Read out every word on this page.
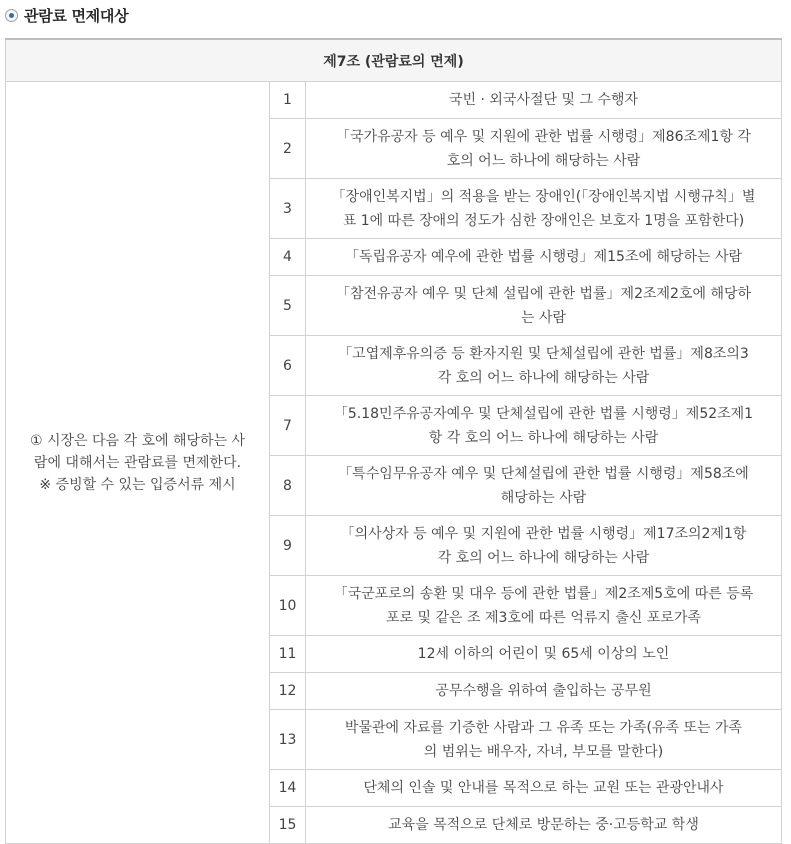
관람료 면제대상
제7조 (관람료의 면제)		

① 시장은 다음 각 호에 해당하는 사
람에 대해서는 관람료를 면제한다.
※ 증빙할 수 있는 입증서류 제시	1	국빈 · 외국사절단 및 그 수행자

	2	「국가유공자 등 예우 및 지원에 관한 법률 시행령」제86조제1항 각
호의 어느 하나에 해당하는 사람

	3	「장애인복지법」의 적용을 받는 장애인(「장애인복지법 시행규칙」별
표 1에 따른 장애의 정도가 심한 장애인은 보호자 1명을 포함한다)

	4	「독립유공자 예우에 관한 법률 시행령」제15조에 해당하는 사람

	5	「참전유공자 예우 및 단체 설립에 관한 법률」제2조제2호에 해당하
는 사람

	6	「고엽제후유의증 등 환자지원 및 단체설립에 관한 법률」제8조의3
각 호의 어느 하나에 해당하는 사람

	7	「5.18민주유공자예우 및 단체설립에 관한 법률 시행령」제52조제1
항 각 호의 어느 하나에 해당하는 사람

	8	「특수임무유공자 예우 및 단체설립에 관한 법률 시행령」제58조에
해당하는 사람

	9	「의사상자 등 예우 및 지원에 관한 법률 시행령」제17조의2제1항
각 호의 어느 하나에 해당하는 사람

	10	「국군포로의 송환 및 대우 등에 관한 법률」제2조제5호에 따른 등록
포로 및 같은 조 제3호에 따른 억류지 출신 포로가족

	11	12세 이하의 어린이 및 65세 이상의 노인

	12	공무수행을 위하여 출입하는 공무원

	13	박물관에 자료를 기증한 사람과 그 유족 또는 가족(유족 또는 가족
의 범위는 배우자, 자녀, 부모를 말한다)

	14	단체의 인솔 및 안내를 목적으로 하는 교원 또는 관광안내사

	15	교육을 목적으로 단체로 방문하는 중·고등학교 학생
